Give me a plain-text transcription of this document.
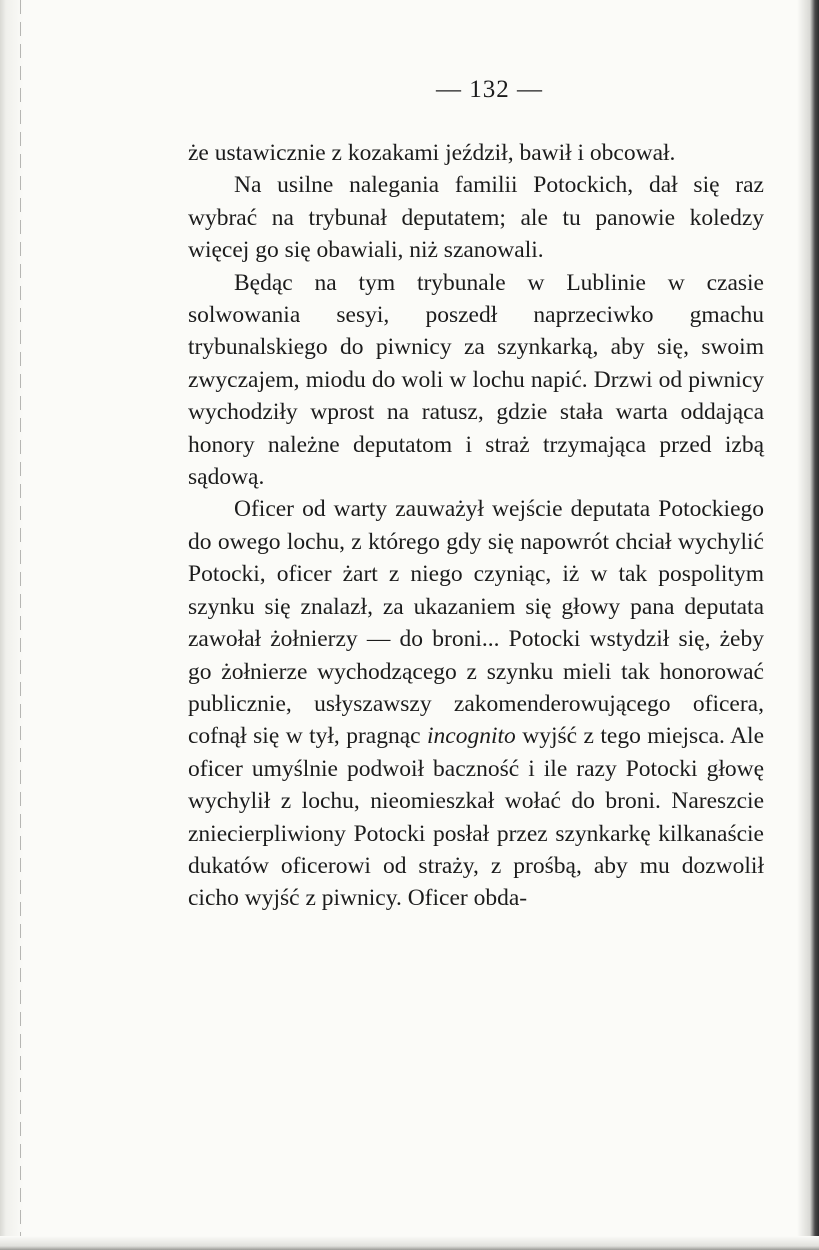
— 132 —

że ustawicznie z kozakami jeździł, bawił i obcował.

Na usilne nalegania familii Potockich, dał się raz wybrać na trybunał deputatem; ale tu panowie koledzy więcej go się obawiali, niż szanowali.

Będąc na tym trybunale w Lublinie w czasie solwowania sesyi, poszedł naprzeciwko gmachu trybunalskiego do piwnicy za szynkarką, aby się, swoim zwyczajem, miodu do woli w lochu napić. Drzwi od piwnicy wychodziły wprost na ratusz, gdzie stała warta oddająca honory należne deputatom i straż trzymająca przed izbą sądową.

Oficer od warty zauważył wejście deputata Potockiego do owego lochu, z którego gdy się napowrót chciał wychylić Potocki, oficer żart z niego czyniąc, iż w tak pospolitym szynku się znalazł, za ukazaniem się głowy pana deputata zawołał żołnierzy — do broni... Potocki wstydził się, żeby go żołnierze wychodzącego z szynku mieli tak honorować publicznie, usłyszawszy zakomenderowującego oficera, cofnął się w tył, pragnąc incognito wyjść z tego miejsca. Ale oficer umyślnie podwoił baczność i ile razy Potocki głowę wychylił z lochu, nieomieszkał wołać do broni. Nareszcie zniecierpliwiony Potocki posłał przez szynkarkę kilkanaście dukatów oficerowi od straży, z prośbą, aby mu dozwolił cicho wyjść z piwnicy. Oficer obda-
